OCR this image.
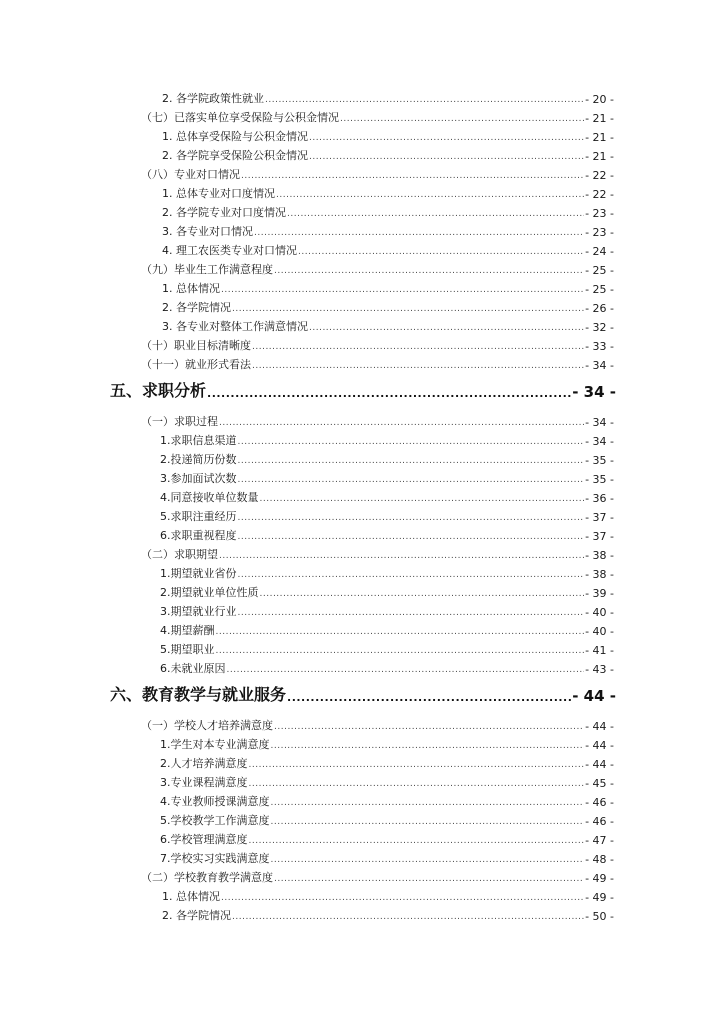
2. 各学院政策性就业 .....	- 20 -
（七）已落实单位享受保险与公积金情况 .....	- 21 -
1. 总体享受保险与公积金情况 .....	- 21 -
2. 各学院享受保险公积金情况 .....	- 21 -
（八）专业对口情况 .....	- 22 -
1. 总体专业对口度情况 .....	- 22 -
2. 各学院专业对口度情况 .....	- 23 -
3. 各专业对口情况 .....	- 23 -
4. 理工农医类专业对口情况 .....	- 24 -
（九）毕业生工作满意程度 .....	- 25 -
1. 总体情况 .....	- 25 -
2. 各学院情况 .....	- 26 -
3. 各专业对整体工作满意情况 .....	- 32 -
（十）职业目标清晰度 .....	- 33 -
（十一）就业形式看法 .....	- 34 -
五、求职分析 .....	- 34 -
（一）求职过程 .....	- 34 -
1.求职信息渠道 .....	- 34 -
2.投递简历份数 .....	- 35 -
3.参加面试次数 .....	- 35 -
4.同意接收单位数量 .....	- 36 -
5.求职注重经历 .....	- 37 -
6.求职重视程度 .....	- 37 -
（二）求职期望 .....	- 38 -
1.期望就业省份 .....	- 38 -
2.期望就业单位性质 .....	- 39 -
3.期望就业行业 .....	- 40 -
4.期望薪酬 .....	- 40 -
5.期望职业 .....	- 41 -
6.未就业原因 .....	- 43 -
六、教育教学与就业服务 .....	- 44 -
（一）学校人才培养满意度 .....	- 44 -
1.学生对本专业满意度 .....	- 44 -
2.人才培养满意度 .....	- 44 -
3.专业课程满意度 .....	- 45 -
4.专业教师授课满意度 .....	- 46 -
5.学校教学工作满意度 .....	- 46 -
6.学校管理满意度 .....	- 47 -
7.学校实习实践满意度 .....	- 48 -
（二）学校教育教学满意度 .....	- 49 -
1. 总体情况 .....	- 49 -
2. 各学院情况 .....	- 50 -
